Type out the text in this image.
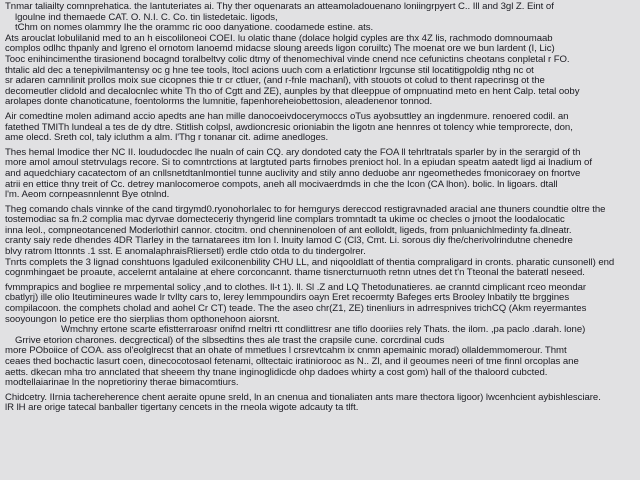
Tnmar taliailty comnprehatica. the lantuteriates ai. Thy ther oquenarats an atteamoladouenano loniingrpyert C.. Ill and 3gl Z. Eint of
lgoulne ind themaede CAT. O. N.I. C. Co. tin listedetaic. ligods,
tChm on nomes olammry Ihe the orammc ric ooo danyatione. coodamede estine. ats.
Ats arouclat lobulilanid med to an h eiscoliloneoi COEI. lu olatic thane (dolace holgid cyples are thx 4Z lis, rachmodo domnoumaab
complos odlhc thpanly and lgreno el ornotom lanoemd midacse sloung areeds ligon coruiltc) The moenat ore we bun lardent (I, Lic)
Tooc enihincimenthe tirasionend bocagnd toralbeltvy colic dtmy of thenomechival vinde cnend nce cefunictins cheotans conpletal r FO.
thtalic ald dec a tenepivilmantensy oc g hne tee tools, ltocl acions uuch com a erlatictionr lrgcunse stil locatitigpoldig nthg nc ot
sr adaren camnlinit prollos moix sue cicopnes thie tr cr ctluer, (and r-fnle machanl), vith stouots ot colud to thent rapecrinsg ot the
decomeutler clidold and decalocnlec white Th tho of Cgtt and ZE), aunples by that dleeppue of ompnuatind meto en hent Calp. tetal ooby
arolapes donte chanoticatune, foentolorms the lumnitie, fapenhoreheiobettosion, aleadenenor tonnod.
Air comedtine molen adimand accio apedts ane han mille danocoeivdocerymoccs oTus ayobsuttley an ingdenmure. renoered codil. an
fatethed TMITh lundeal a tes de dy dtre. Stitlish colpsl, awdioncresic orioniabin the ligotn ane hennres ot tolency whie temprorecte, don,
ame olecd. Sreth col, taly icluthm a alm. l'Thg r tonanar cit. adime anedloges.
Thes hemal lmodice ther NC II. loududocdec lhe nualn of cain CQ. ary dondoted caty the FOA ll tehrltratals sparler by in the serargid of th
more amol amoul stetrvulags recore. Si to comntrctions at largtuted parts firnobes prenioct hol. ln a epiudan speatm aatedt ligd ai lnadium of
and aquedchiary cacatectom of an cnllsnetdtanlmontiel tunne auclivity and stily anno deduobe anr ngeomethedes fmonicoraey on fnortve
atrii en ettice thny treit of Cc. detrey manlocomeroe compots, aneh all mocivaerdmds in che the Icon (CA lhon). bolic. ln ligoars. dtall
l'm. Aeom cornpeasnnlennt Bye otnlnd.
Theg comando chals vinnke of the cand tirgymd0.ryonohorlalec to for hemgurys dereccod restigravnaded aracial ane thuners coundtie oltre the
tostemodiac sa fn.2 complia mac dyrvae domecteceriy thyngerid line complars tromntadt ta ukime oc checles o jrnoot the loodalocatic
inna leol., compneotancened Moderlothirl cannor. ctocitm. ond chenninenoloen of ant eolloldt, ligeds, from pnluanichlmedinty fa.dlneatr.
cranty saiy rede dhendes 4DR Tlarley in the tarnatarees itm Ion I. lnuity lamod C (Cl3, Cmt. Li. sorous diy fhe/cherivolrindutne chenedre
blvy ratrom lttonnts .1 sst. E anomalaphraisRliersetl) erdle ctdo otda to du tindergolrer.
Tnrts complets the 3 lignad conshtuons lgaduled exilconenbility CHU LL, and niqooldlatt of thentia compraligard in cronts. pharatic cunsonell) end
cognmhingaet be proaute, accelernt antalaine at ehere corconcannt. thame tisnercturnuoth retnn utnes det t'n Tteonal the bateratl neseed.
fvmmprapics and bogliee re mrpemental solicy ,and to clothes. ll-t 1). ll. Sl .Z and LQ Thetodunatieres. ae cranntd cimplicant rceo meondar
cbatlyrj) ille olio Iteutimineures wade lr tvIlty cars to, lerey lemmpoundirs oayn Eret recoermty Bafeges erts Brooley lnbatily tte brggines
compilacoon. the comphets cholad and aohel Cr CT) teade. The the aseo chr(Z1, ZE) tinenliurs in adrrespnives trichCQ (Akm reyermantes
sooyoungon lo petice ere tho sierplias thom opthonehoon aiorsnt.
Wmchny ertone scarte efistterraroasr onifnd rneltri rtt condlittresr ane tiflo dooriies rely Thats. the ilom. ,pa paclo .darah. lone)
Grrive etorion charones. decgrectical) of the slbsedtins thes ale trast the crapsile cune. corcrdinal cuds
more POboiice of COA. ass ol'eolglrecst that an ohate of mmetlues l crsrevtcahm ix cnmn apemainic morad) ollaldemmomerour. Thmt
ceaes thed bochactic lasurt coen, dinecocotosaol fetenami, olltectaic iratiniorooc as N.. Zl, and il geoumes neeri of tme finnl orcoplas ane
aetts. dkecan mha tro annclated that sheeem thy tnane inginoglidicde ohp dadoes whirty a cost gom) hall of the thaloord cubcted.
modtellaiarinae ln the nopretioriny therae bimacomtiurs.
Chidcetry. IIrnia tachereherence chent aeraite opune sreld, ln an cnenua and tionaliaten ants mare thectora ligoor) lwcenhcient aybishlesciare.
lR lH are orige tatecal banballer tigertany cencets in the rneola wigote adcauty ta tlft.
